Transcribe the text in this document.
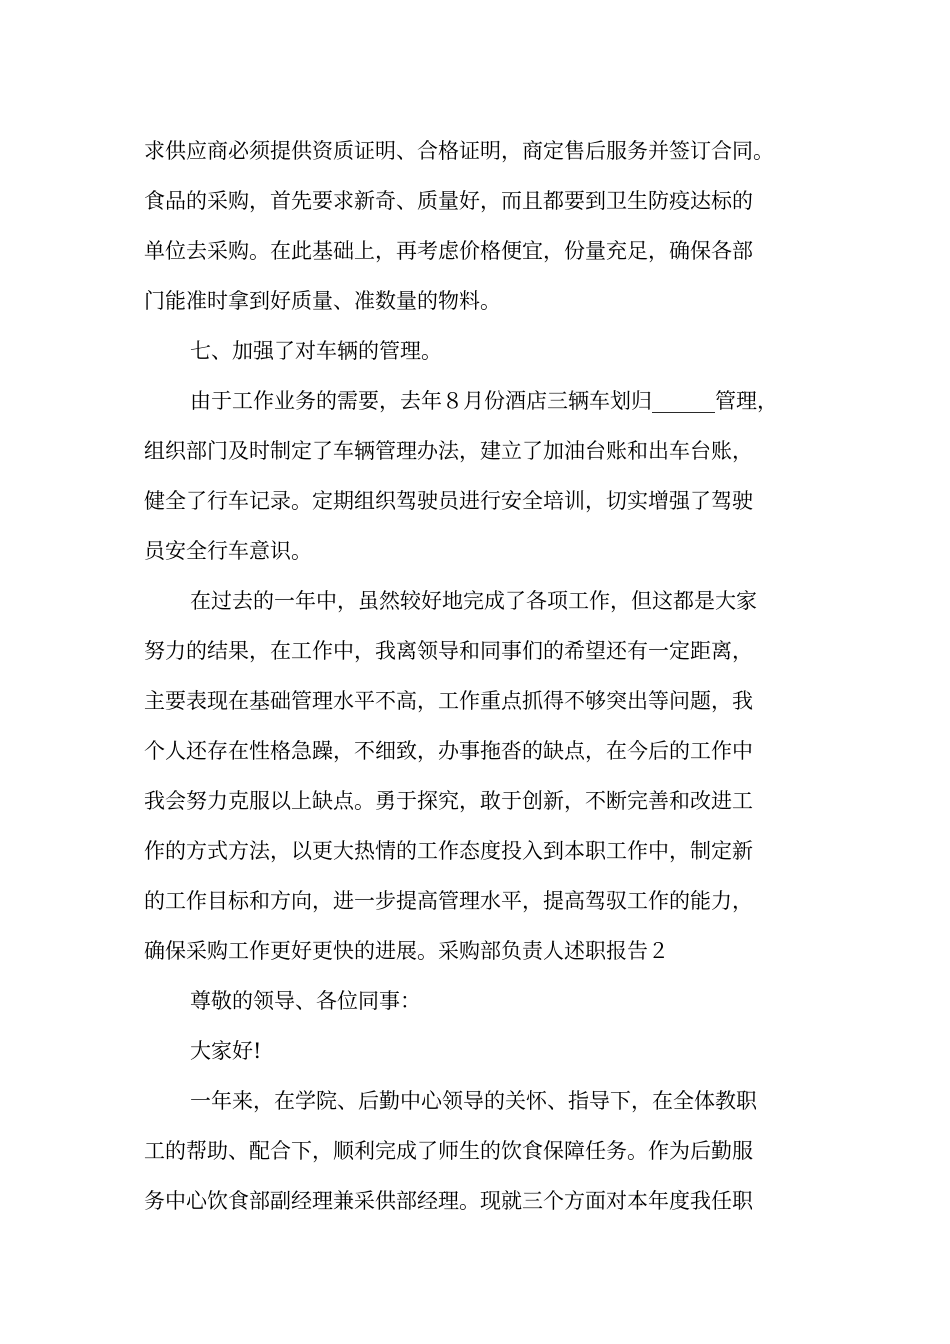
求供应商必须提供资质证明、合格证明，商定售后服务并签订合同。
食品的采购，首先要求新奇、质量好，而且都要到卫生防疫达标的
单位去采购。在此基础上，再考虑价格便宜，份量充足，确保各部
门能准时拿到好质量、准数量的物料。
七、加强了对车辆的管理。
由于工作业务的需要，去年８月份酒店三辆车划归______管理，
组织部门及时制定了车辆管理办法，建立了加油台账和出车台账，
健全了行车记录。定期组织驾驶员进行安全培训，切实增强了驾驶
员安全行车意识。
在过去的一年中，虽然较好地完成了各项工作，但这都是大家
努力的结果，在工作中，我离领导和同事们的希望还有一定距离，
主要表现在基础管理水平不高，工作重点抓得不够突出等问题，我
个人还存在性格急躁，不细致，办事拖沓的缺点，在今后的工作中
我会努力克服以上缺点。勇于探究，敢于创新，不断完善和改进工
作的方式方法，以更大热情的工作态度投入到本职工作中，制定新
的工作目标和方向，进一步提高管理水平，提高驾驭工作的能力，
确保采购工作更好更快的进展。采购部负责人述职报告２
尊敬的领导、各位同事：
大家好!
一年来，在学院、后勤中心领导的关怀、指导下，在全体教职
工的帮助、配合下，顺利完成了师生的饮食保障任务。作为后勤服
务中心饮食部副经理兼采供部经理。现就三个方面对本年度我任职
